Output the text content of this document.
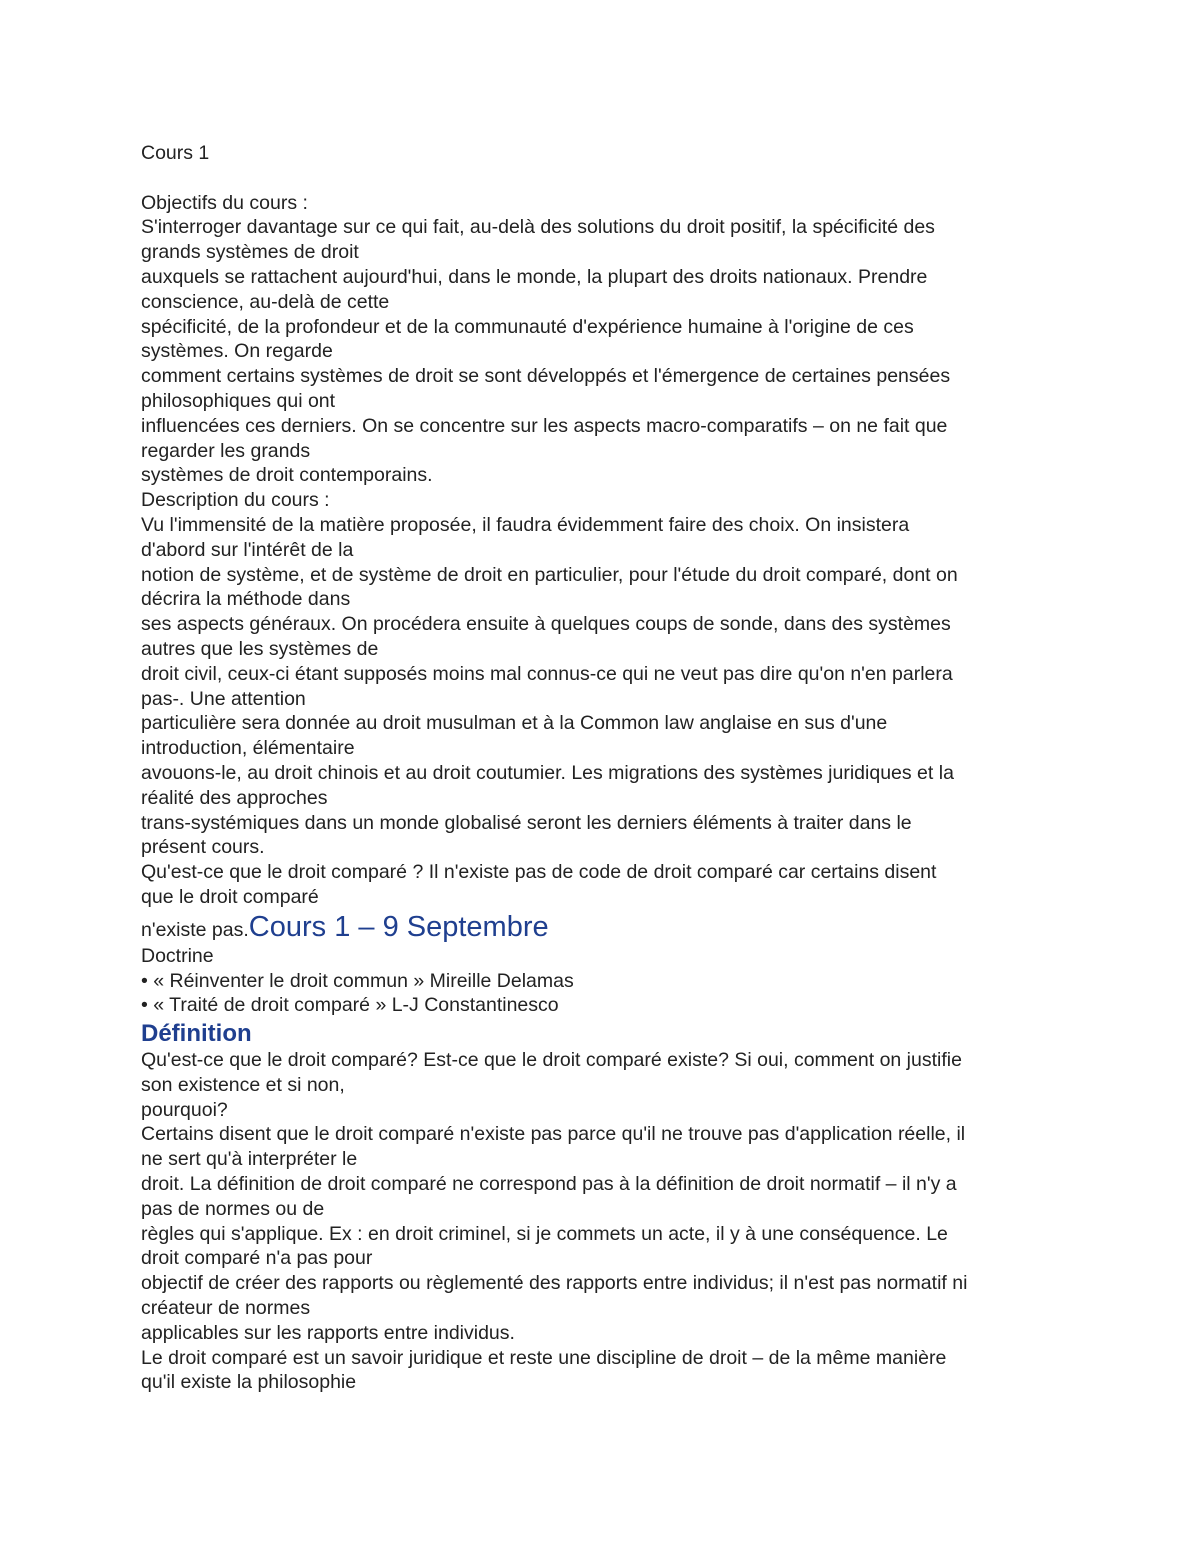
Cours 1

Objectifs du cours :

S'interroger davantage sur ce qui fait, au-delà des solutions du droit positif, la spécificité des

grands systèmes de droit

auxquels se rattachent aujourd'hui, dans le monde, la plupart des droits nationaux. Prendre

conscience, au-delà de cette

spécificité, de la profondeur et de la communauté d'expérience humaine à l'origine de ces

systèmes. On regarde

comment certains systèmes de droit se sont développés et l'émergence de certaines pensées

philosophiques qui ont

influencées ces derniers. On se concentre sur les aspects macro-comparatifs – on ne fait que

regarder les grands

systèmes de droit contemporains.

Description du cours :

Vu l'immensité de la matière proposée, il faudra évidemment faire des choix. On insistera

d'abord sur l'intérêt de la

notion de système, et de système de droit en particulier, pour l'étude du droit comparé, dont on

décrira la méthode dans

ses aspects généraux. On procédera ensuite à quelques coups de sonde, dans des systèmes

autres que les systèmes de

droit civil, ceux-ci étant supposés moins mal connus-ce qui ne veut pas dire qu'on n'en parlera

pas-. Une attention

particulière sera donnée au droit musulman et à la Common law anglaise en sus d'une

introduction, élémentaire

avouons-le, au droit chinois et au droit coutumier. Les migrations des systèmes juridiques et la

réalité des approches

trans-systémiques dans un monde globalisé seront les derniers éléments à traiter dans le

présent cours.

Qu'est-ce que le droit comparé ? Il n'existe pas de code de droit comparé car certains disent

que le droit comparé

n'existe pas.Cours 1 – 9 Septembre

Doctrine

• « Réinventer le droit commun » Mireille Delamas

• « Traité de droit comparé » L-J Constantinesco

Définition

Qu'est-ce que le droit comparé? Est-ce que le droit comparé existe? Si oui, comment on justifie

son existence et si non,

pourquoi?

Certains disent que le droit comparé n'existe pas parce qu'il ne trouve pas d'application réelle, il

ne sert qu'à interpréter le

droit. La définition de droit comparé ne correspond pas à la définition de droit normatif – il n'y a

pas de normes ou de

règles qui s'applique. Ex : en droit criminel, si je commets un acte, il y à une conséquence. Le

droit comparé n'a pas pour

objectif de créer des rapports ou règlementé des rapports entre individus; il n'est pas normatif ni

créateur de normes

applicables sur les rapports entre individus.

Le droit comparé est un savoir juridique et reste une discipline de droit – de la même manière

qu'il existe la philosophie
